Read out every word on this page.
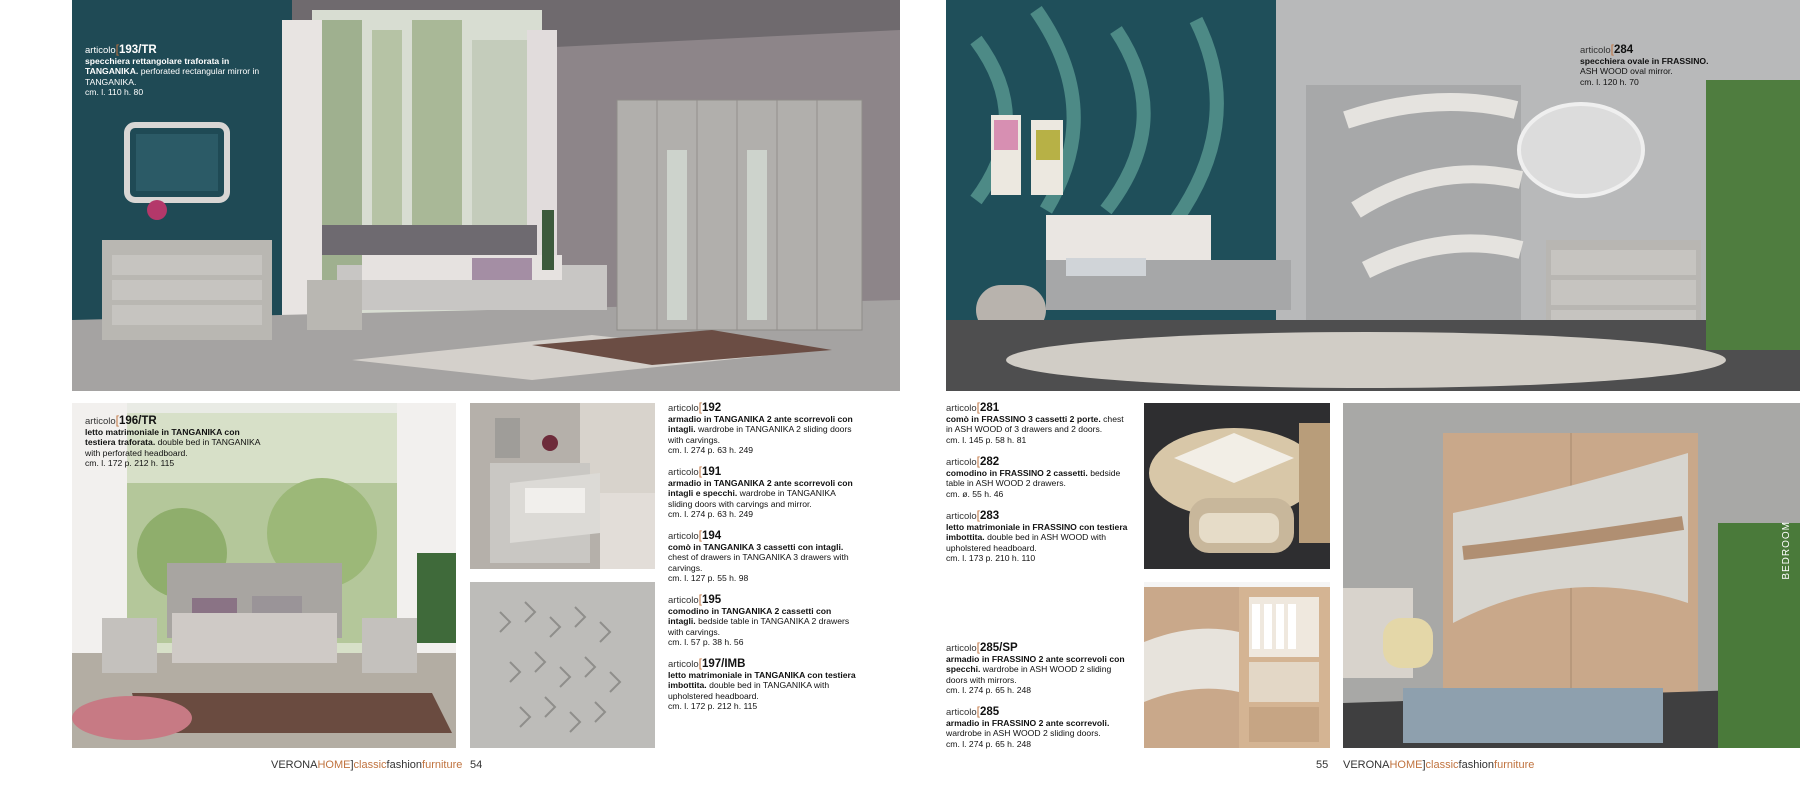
BEDROOM
articolo[193/TR
specchiera rettangolare traforata in TANGANIKA. perforated rectangular mirror in TANGANIKA.
cm. l. 110 h. 80
articolo[284
specchiera ovale in FRASSINO.
ASH WOOD oval mirror.
cm. l. 120 h. 70
articolo[196/TR
letto matrimoniale in TANGANIKA con testiera traforata. double bed in TANGANIKA with perforated headboard.
cm. l. 172 p. 212 h. 115
articolo[192
armadio in TANGANIKA 2 ante scorrevoli con intagli. wardrobe in TANGANIKA 2 sliding doors with carvings.
cm. l. 274 p. 63 h. 249
articolo[191
armadio in TANGANIKA 2 ante scorrevoli con intagli e specchi. wardrobe in TANGANIKA sliding doors with carvings and mirror.
cm. l. 274 p. 63 h. 249
articolo[194
comò in TANGANIKA 3 cassetti con intagli. chest of drawers in TANGANIKA 3 drawers with carvings.
cm. l. 127 p. 55 h. 98
articolo[195
comodino in TANGANIKA 2 cassetti con intagli. bedside table in TANGANIKA 2 drawers with carvings.
cm. l. 57 p. 38 h. 56
articolo[197/IMB
letto matrimoniale in TANGANIKA con testiera imbottita. double bed in TANGANIKA with upholstered headboard.
cm. l. 172 p. 212 h. 115
articolo[281
comò in FRASSINO 3 cassetti 2 porte. chest in ASH WOOD of 3 drawers and 2 doors.
cm. l. 145 p. 58 h. 81
articolo[282
comodino in FRASSINO 2 cassetti. bedside table in ASH WOOD 2 drawers.
cm. ø. 55 h. 46
articolo[283
letto matrimoniale in FRASSINO con testiera imbottita. double bed in ASH WOOD with upholstered headboard.
cm. l. 173 p. 210 h. 110
articolo[285/SP
armadio in FRASSINO 2 ante scorrevoli con specchi. wardrobe in ASH WOOD 2 sliding doors with mirrors.
cm. l. 274 p. 65 h. 248
articolo[285
armadio in FRASSINO 2 ante scorrevoli. wardrobe in ASH WOOD 2 sliding doors.
cm. l. 274 p. 65 h. 248
VERONAHOME]classicfashionfurniture 54	55 VERONAHOME]classicfashionfurniture
